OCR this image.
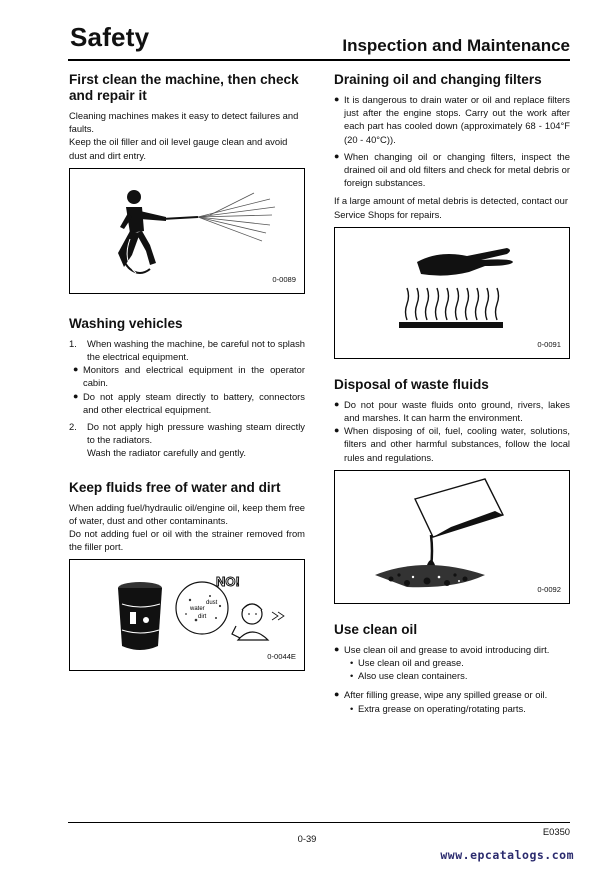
Safety	Inspection and Maintenance
First clean the machine, then check and repair it

Cleaning machines makes it easy to detect failures and faults.

Keep the oil filler and oil level gauge clean and avoid dust and dirt entry.

0-0089
Washing vehicles
1. When washing the machine, be careful not to splash the electrical equipment.
● Monitors and electrical equipment in the operator cabin.
● Do not apply steam directly to battery, connectors and other electrical equipment.
2. Do not apply high pressure washing steam directly to the radiators.
Wash the radiator carefully and gently.
Keep fluids free of water and dirt

When adding fuel/hydraulic oil/engine oil, keep them free of water, dust and other contaminants.

Do not adding fuel or oil with the strainer removed from the filler port.

water
dust
dirt
NO!
0-0044E
Draining oil and changing filters
● It is dangerous to drain water or oil and replace filters just after the engine stops. Carry out the work after each part has cooled down (approximately 68 - 104°F (20 - 40°C)).
● When changing oil or changing filters, inspect the drained oil and old filters and check for metal debris or foreign substances.

If a large amount of metal debris is detected, contact our Service Shops for repairs.

0-0091
Disposal of waste fluids
● Do not pour waste fluids onto ground, rivers, lakes and marshes. It can harm the environment.
● When disposing of oil, fuel, cooling water, solutions, filters and other harmful substances, follow the local rules and regulations.
0-0092
Use clean oil
● Use clean oil and grease to avoid introducing dirt.
• Use clean oil and grease.
• Also use clean containers.
● After filling grease, wipe any spilled grease or oil.
• Extra grease on operating/rotating parts.
E0350
0-39
www.epcatalogs.com
